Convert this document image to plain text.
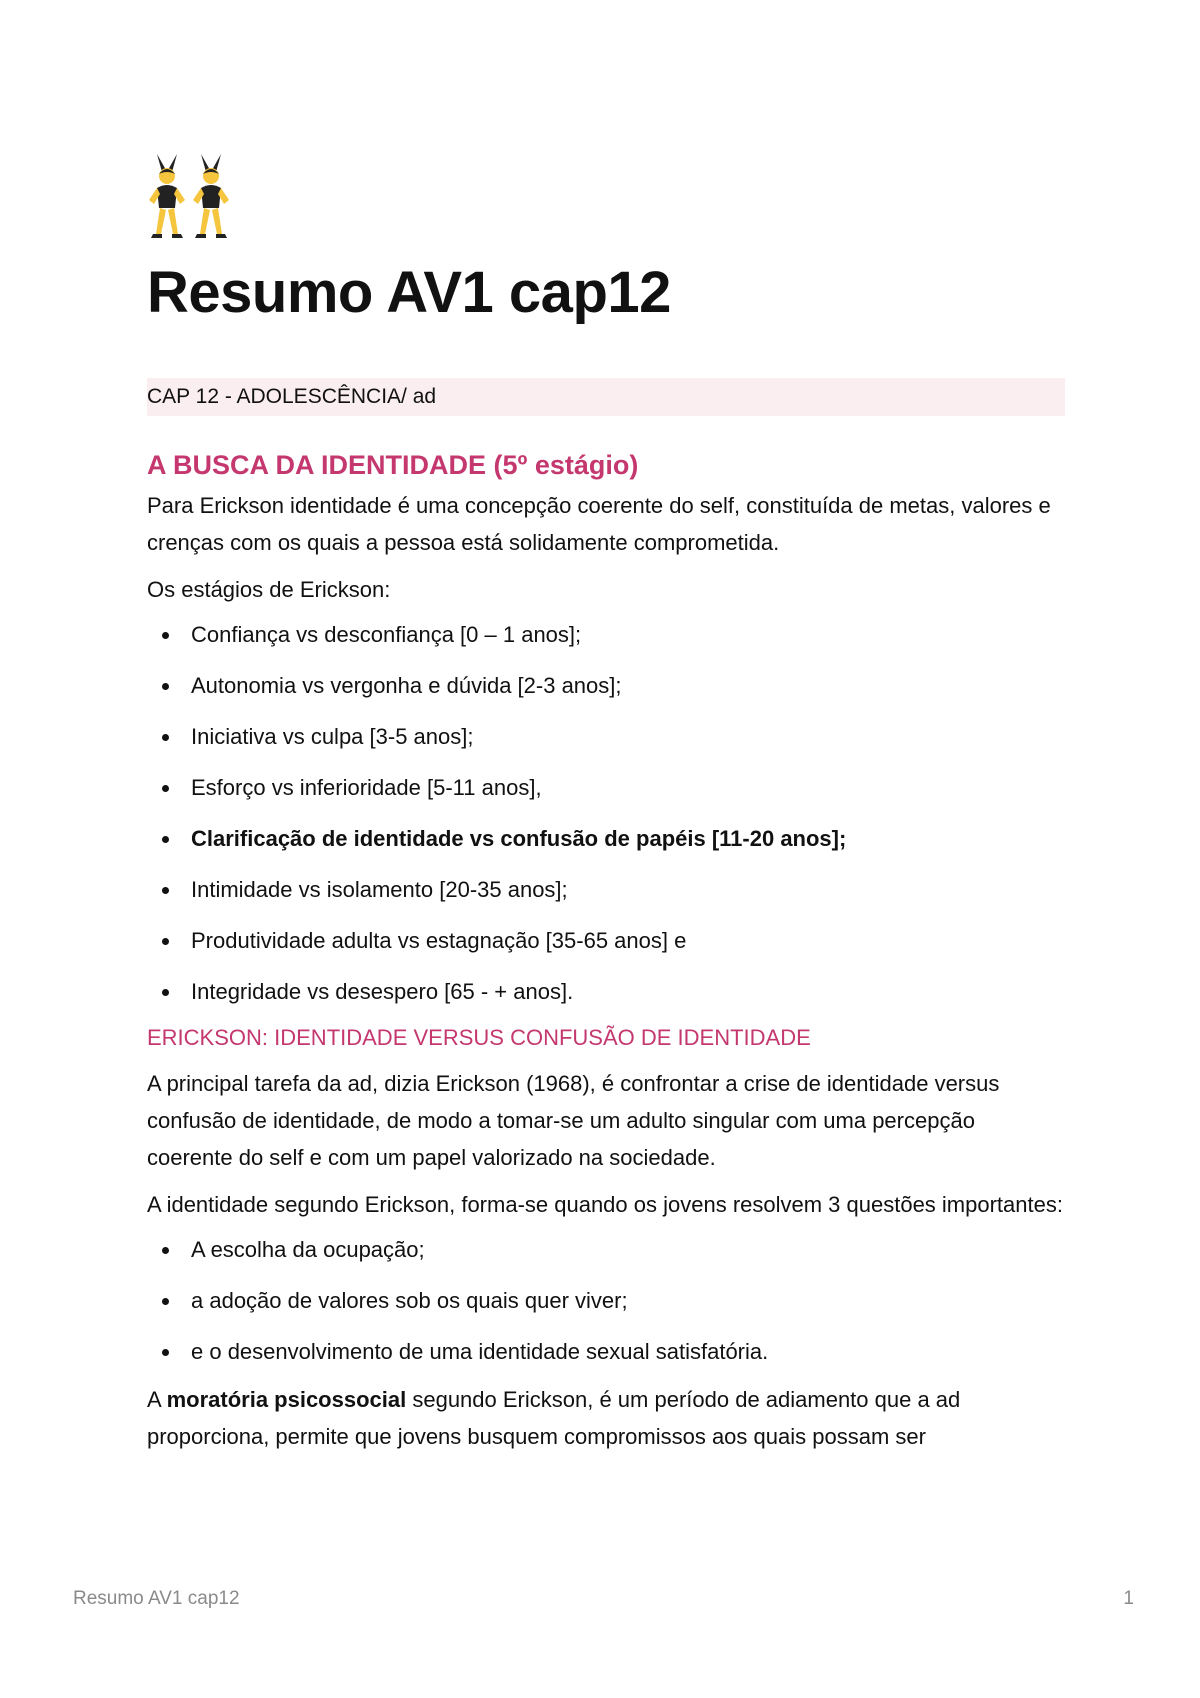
Resumo AV1 cap12
CAP 12 - ADOLESCÊNCIA/ ad
A BUSCA DA IDENTIDADE (5º estágio)

Para Erickson identidade é uma concepção coerente do self, constituída de metas, valores e crenças com os quais a pessoa está solidamente comprometida.

Os estágios de Erickson:

Confiança vs desconfiança [0 – 1 anos];
Autonomia vs vergonha e dúvida [2-3 anos];
Iniciativa vs culpa [3-5 anos];
Esforço vs inferioridade [5-11 anos],
Clarificação de identidade vs confusão de papéis [11-20 anos];
Intimidade vs isolamento [20-35 anos];
Produtividade adulta vs estagnação [35-65 anos] e
Integridade vs desespero [65 - + anos].
ERICKSON: IDENTIDADE VERSUS CONFUSÃO DE IDENTIDADE

A principal tarefa da ad, dizia Erickson (1968), é confrontar a crise de identidade versus confusão de identidade, de modo a tomar-se um adulto singular com uma percepção coerente do self e com um papel valorizado na sociedade.

A identidade segundo Erickson, forma-se quando os jovens resolvem 3 questões importantes:

A escolha da ocupação;
a adoção de valores sob os quais quer viver;
e o desenvolvimento de uma identidade sexual satisfatória.

A moratória psicossocial segundo Erickson, é um período de adiamento que a ad proporciona, permite que jovens busquem compromissos aos quais possam ser

Resumo AV1 cap12	1
